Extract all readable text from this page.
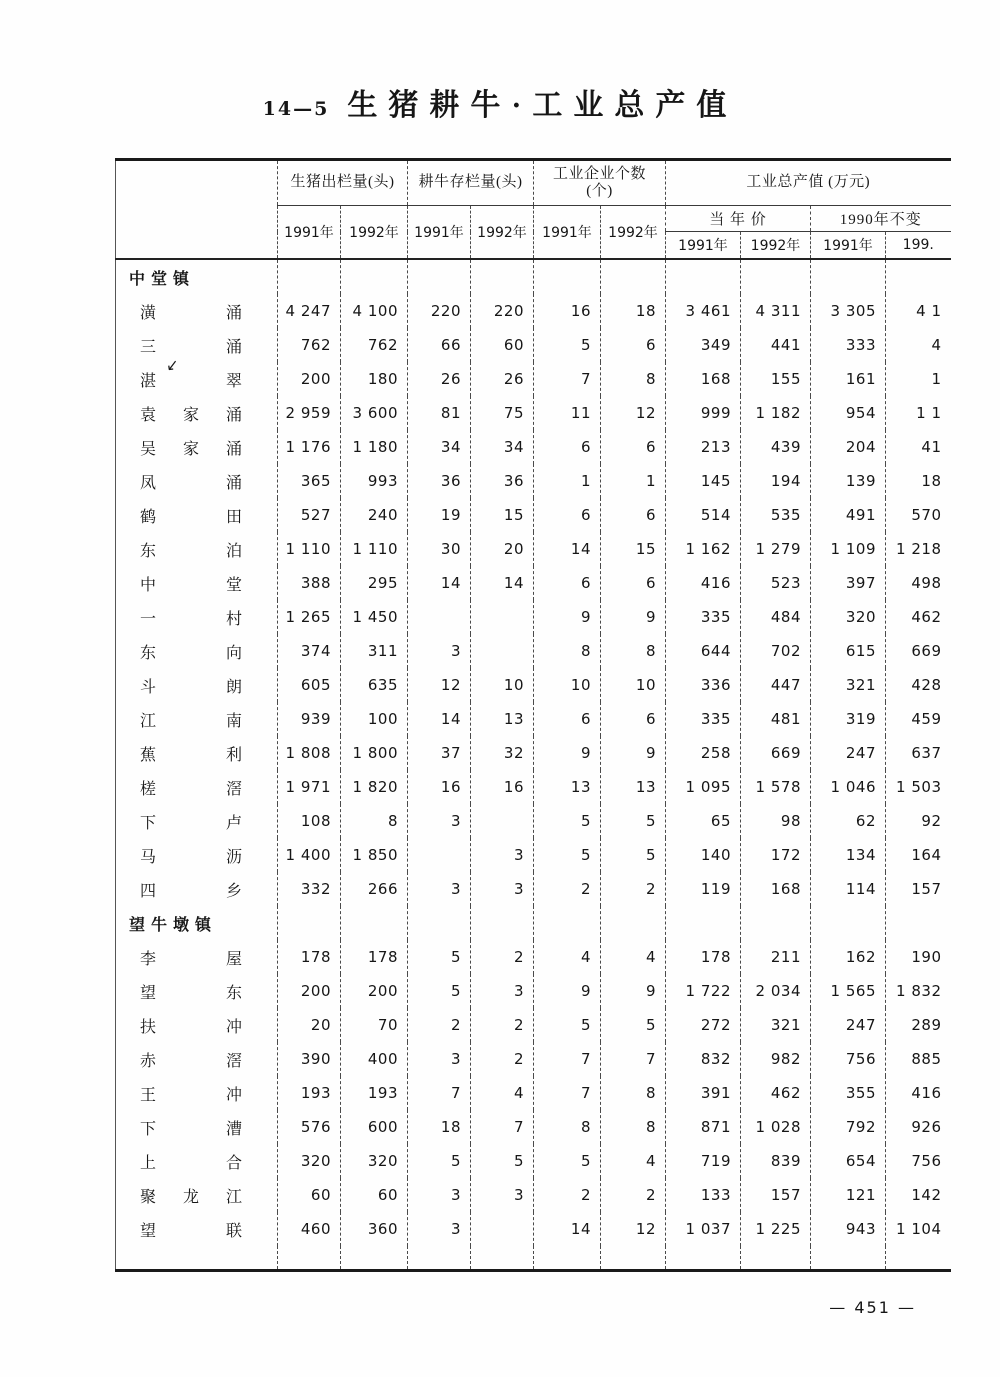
14—5 生猪耕牛·工业总产值
↙
	生猪出栏量(头)		耕牛存栏量(头)		工业企业个数
(个)		工业总产值 (万元)			
	1991年	1992年	1991年	1992年	1991年	1992年	当 年 价		1990年不变	
							1991年	1992年	1991年	199.
中堂镇										

潢 涌	4 247	4 100	220	220	16	18	3 461	4 311	3 305	4 1

三 涌	762	762	66	60	5	6	349	441	333	4

湛 翠	200	180	26	26	7	8	168	155	161	1

袁 家 涌	2 959	3 600	81	75	11	12	999	1 182	954	1 1

吴 家 涌	1 176	1 180	34	34	6	6	213	439	204	41

凤 涌	365	993	36	36	1	1	145	194	139	18

鹤 田	527	240	19	15	6	6	514	535	491	570

东 泊	1 110	1 110	30	20	14	15	1 162	1 279	1 109	1 218

中 堂	388	295	14	14	6	6	416	523	397	498

一 村	1 265	1 450			9	9	335	484	320	462

东 向	374	311	3		8	8	644	702	615	669

斗 朗	605	635	12	10	10	10	336	447	321	428

江 南	939	100	14	13	6	6	335	481	319	459

蕉 利	1 808	1 800	37	32	9	9	258	669	247	637

槎 滘	1 971	1 820	16	16	13	13	1 095	1 578	1 046	1 503

下 卢	108	8	3		5	5	65	98	62	92

马 沥	1 400	1 850		3	5	5	140	172	134	164

四 乡	332	266	3	3	2	2	119	168	114	157
望牛墩镇										

李 屋	178	178	5	2	4	4	178	211	162	190

望 东	200	200	5	3	9	9	1 722	2 034	1 565	1 832

扶 冲	20	70	2	2	5	5	272	321	247	289

赤 滘	390	400	3	2	7	7	832	982	756	885

王 冲	193	193	7	4	7	8	391	462	355	416

下 漕	576	600	18	7	8	8	871	1 028	792	926

上 合	320	320	5	5	5	4	719	839	654	756

聚 龙 江	60	60	3	3	2	2	133	157	121	142

望 联	460	360	3		14	12	1 037	1 225	943	1 104

— 451 —
